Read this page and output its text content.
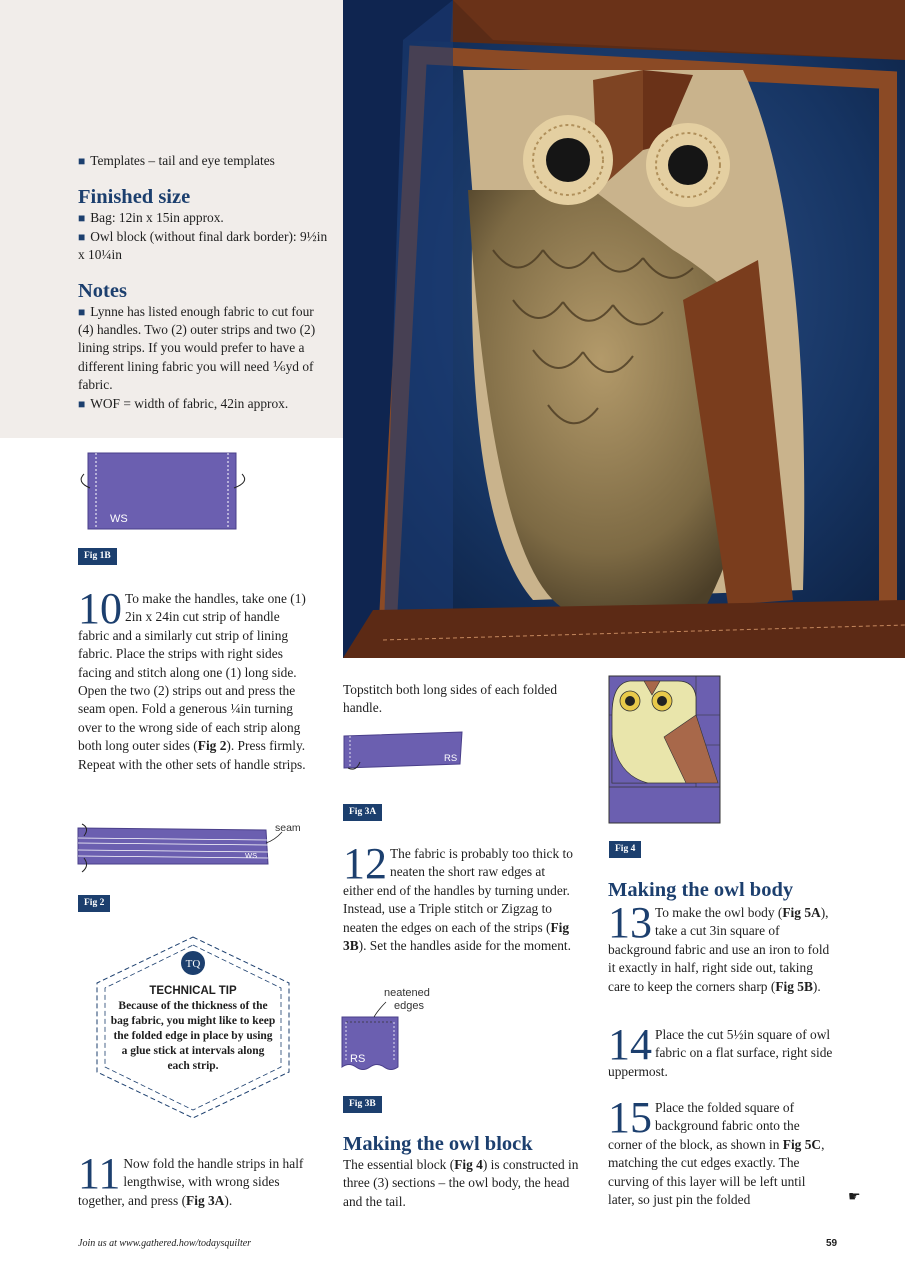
■ Templates – tail and eye templates

Finished size

■ Bag: 12in x 15in approx.

■ Owl block (without final dark border): 9½in x 10¼in

Notes

■ Lynne has listed enough fabric to cut four (4) handles. Two (2) outer strips and two (2) lining strips. If you would prefer to have a different lining fabric you will need ⅙yd of fabric.

■ WOF = width of fabric, 42in approx.

WS
Fig 1B

10 To make the handles, take one (1) 2in x 24in cut strip of handle fabric and a similarly cut strip of lining fabric. Place the strips with right sides facing and stitch along one (1) long side. Open the two (2) strips out and press the seam open. Fold a generous ¼in turning over to the wrong side of each strip along both long outer sides (Fig 2). Press firmly. Repeat with the other sets of handle strips.

seam
WS
Fig 2
TQ
TECHNICAL TIP
Because of the thickness of the bag fabric, you might like to keep the folded edge in place by using a glue stick at intervals along each strip.

11 Now fold the handle strips in half lengthwise, with wrong sides together, and press (Fig 3A).

Topstitch both long sides of each folded handle.

RS
Fig 3A

12 The fabric is probably too thick to neaten the short raw edges at either end of the handles by turning under. Instead, use a Triple stitch or Zigzag to neaten the edges on each of the strips (Fig 3B). Set the handles aside for the moment.

neatened
edges
RS
Fig 3B
Making the owl block

The essential block (Fig 4) is constructed in three (3) sections – the owl body, the head and the tail.

Fig 4
Making the owl body

13 To make the owl body (Fig 5A), take a cut 3in square of background fabric and use an iron to fold it exactly in half, right side out, taking care to keep the corners sharp (Fig 5B).

14 Place the cut 5½in square of owl fabric on a flat surface, right side uppermost.

15 Place the folded square of background fabric onto the corner of the block, as shown in Fig 5C, matching the cut edges exactly. The curving of this layer will be left until later, so just pin the folded	☛
Join us at www.gathered.how/todaysquilter	59
